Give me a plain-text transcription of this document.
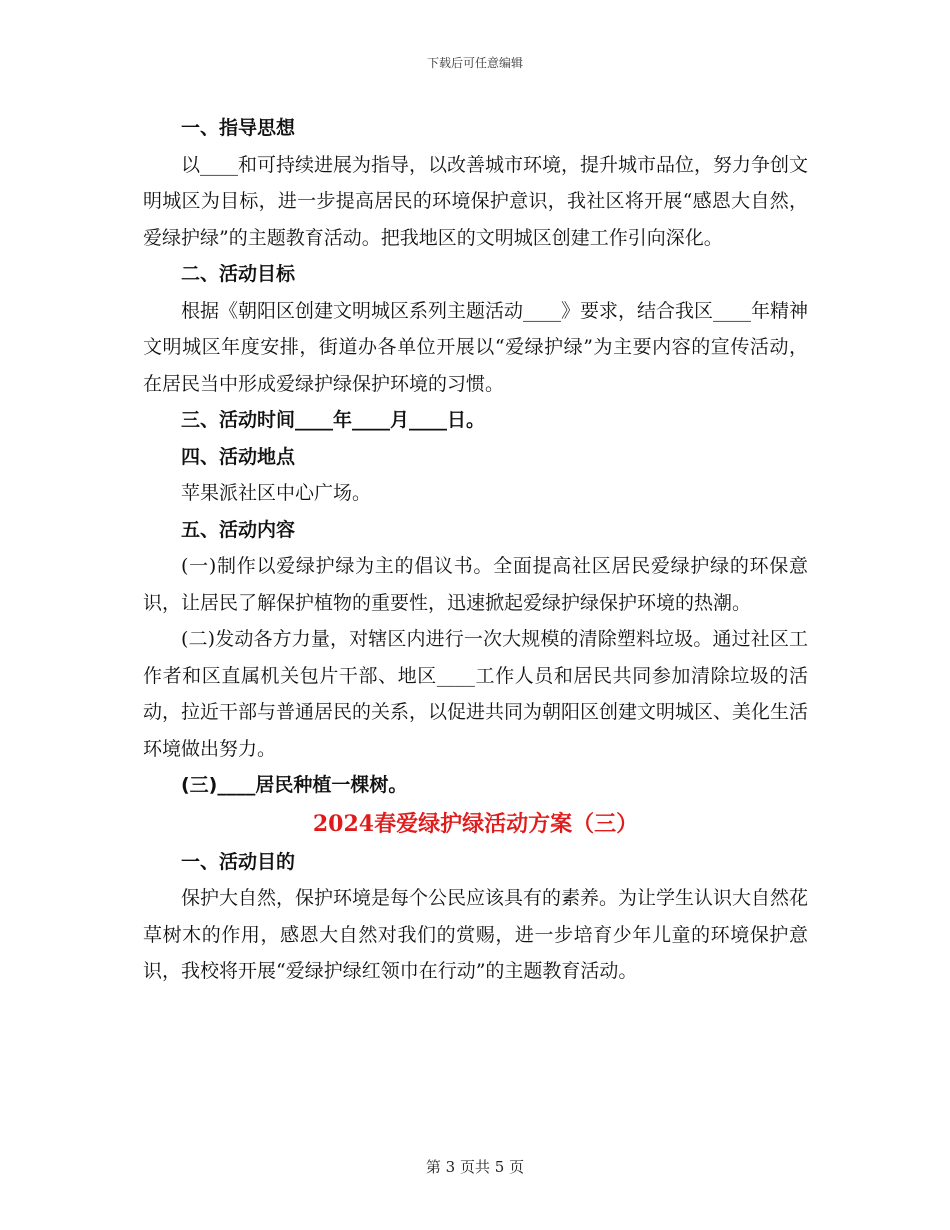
下载后可任意编辑

一、指导思想

以____和可持续进展为指导，以改善城市环境，提升城市品位，努力争创文明城区为目标，进一步提高居民的环境保护意识，我社区将开展“感恩大自然，爱绿护绿”的主题教育活动。把我地区的文明城区创建工作引向深化。

二、活动目标

根据《朝阳区创建文明城区系列主题活动____》要求，结合我区____年精神文明城区年度安排，街道办各单位开展以“爱绿护绿”为主要内容的宣传活动，在居民当中形成爱绿护绿保护环境的习惯。

三、活动时间____年____月____日。

四、活动地点

苹果派社区中心广场。

五、活动内容

(一)制作以爱绿护绿为主的倡议书。全面提高社区居民爱绿护绿的环保意识，让居民了解保护植物的重要性，迅速掀起爱绿护绿保护环境的热潮。

(二)发动各方力量，对辖区内进行一次大规模的清除塑料垃圾。通过社区工作者和区直属机关包片干部、地区____工作人员和居民共同参加清除垃圾的活动，拉近干部与普通居民的关系，以促进共同为朝阳区创建文明城区、美化生活环境做出努力。

(三)____居民种植一棵树。

2024春爱绿护绿活动方案（三）

一、活动目的

保护大自然，保护环境是每个公民应该具有的素养。为让学生认识大自然花草树木的作用，感恩大自然对我们的赏赐，进一步培育少年儿童的环境保护意识，我校将开展“爱绿护绿红领巾在行动”的主题教育活动。

第 3 页共 5 页
